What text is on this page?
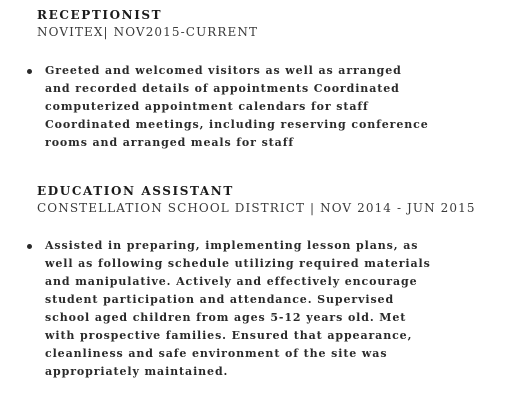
RECEPTIONIST
NOVITEX| NOV2015-CURRENT
Greeted and welcomed visitors as well as arranged
and recorded details of appointments Coordinated
computerized appointment calendars for staff
Coordinated meetings, including reserving conference
rooms and arranged meals for staff
EDUCATION ASSISTANT
CONSTELLATION SCHOOL DISTRICT | NOV 2014 - JUN 2015
Assisted in preparing, implementing lesson plans, as
well as following schedule utilizing required materials
and manipulative. Actively and effectively encourage
student participation and attendance. Supervised
school aged children from ages 5-12 years old. Met
with prospective families. Ensured that appearance,
cleanliness and safe environment of the site was
appropriately maintained.
